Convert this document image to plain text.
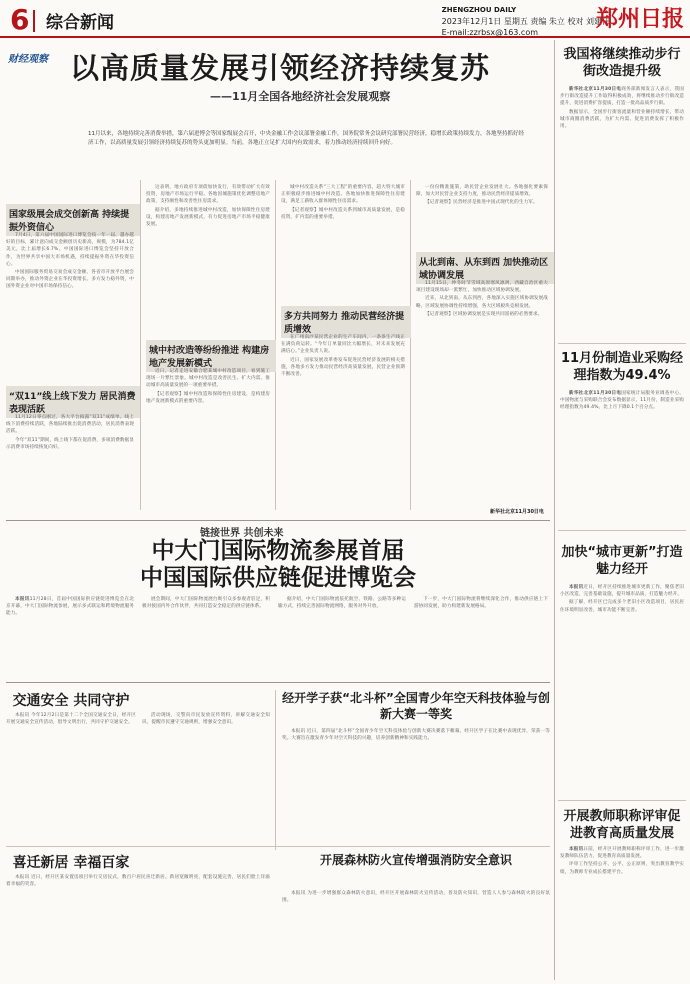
6 综合新闻
ZHENGZHOU DAILY
2023年12月1日 星期五 责编 朱立 校对 刘建伟
E-mail:zzrbsx@163.com
郑州日报
财经观察 以高质量发展引领经济持续复苏
——11月全国各地经济社会发展观察
11月以来，各地持续完善消费举措，第六届进博会等国家级展会召开，中央金融工作会议部署金融工作，国务院常务会议研究部署民营经济，稳增长政策持续发力，各地坚持抓好经济工作，以高质量发展引领经济持续复苏的势头更加明显。当前，各地正立足扩大国内有效需求，着力推动经济持续回升向好。
国家级展会成交创新高 持续提振外资信心

7月4日，第六届中国国际进口博览会按一年一届、越办越好的目标，累计意向成交金额创历史新高，规模，为784.1亿美元，比上届增长6.7%。中国国际进口博览会坚持开放合作，为世界共享中国大市场机遇，持续提振外资在华投资信心。

中国国际服务贸易交易会成交金额、各省市开放平台展会同期举办，推动外资企业在华投资增长。多方发力稳外资，中国外资企业对中国市场保持信心。

“双11”线上线下发力 居民消费表现活跃

11月12日零点刚过，各大平台披露“双11”成绩单。线上线下消费持续活跃，各地陆续推出促消费活动，居民消费表现活跃。

今年“双11”期间，线上线下都在促消费，多项消费数据显示消费市场持续恢复向好。

这表明，地方政府专项债加快发行，有效带动扩大有效投资，房地产市场运行平稳。各地因城施策优化调整房地产政策，支持刚性和改善性住房需求。

据介绍，多地持续推进城中村改造，加快保障性住房建设，构建房地产发展新模式，有力促进房地产市场平稳健康发展。

城中村改造等纷纷推进 构建房地产发展新模式

近日，记者走进安徽合肥某城中村改造项目，看到施工现场一片繁忙景象。城中村改造是改善民生、扩大内需、推动城市高质量发展的一项重要举措。

【记者观察】城中村改造和保障性住房建设，是构建房地产发展新模式的重要内容。

城中村改造关系“三大工程”的重要内容，超大特大城市正积极稳步推进城中村改造。各地加快推进保障性住房建设，满足工薪收入群体刚性住房需求。

【记者观察】城中村改造关系到城市高质量发展，是稳投资、扩内需的重要举措。

多方共同努力 推动民营经济提质增效

在广州南沙某民营企业的生产车间内，一条条生产线正在满负荷运转。“今年订单量同比大幅增长，对未来发展充满信心。”企业负责人说。

近日，国家发展改革委发布促进民营经济发展的相关措施，各地多方发力推动民营经济高质量发展。民营企业预期不断改善。

一份份精准施策，助民营企业发展壮大。各地强化要素保障，加大对民营企业支持力度，推动民营经济提质增效。

【记者观察】民营经济是推进中国式现代化的生力军。

从北到南、从东到西 加快推动区域协调发展

11月15日，仲冬时节雪域高原寒风凛冽，西藏自治区重大项目建设现场却一派繁忙，加快推动区域协调发展。

近来，从北到南、从东到西，各地深入实施区域协调发展战略，区域发展协调性持续增强，各大区域板块竞相发展。

【记者观察】区域协调发展是实现共同富裕的必然要求。

新华社北京11月30日电
我国将继续推动步行街改造提升级

新华社北京11月30日电商务部新闻发言人表示，我国步行街改造提升工作取得积极成效，将继续推动步行街改造提升，促进消费扩容提质，打造一批高品质步行街。

数据显示，全国步行街客流量和营业额持续增长，带动城市商圈消费活跃，为扩大内需、促进消费发挥了积极作用。

11月份制造业采购经理指数为49.4%

新华社北京11月30日电国家统计局服务业调查中心、中国物流与采购联合会发布数据显示，11月份，制造业采购经理指数为49.4%，比上月下降0.1个百分点。

加快“城市更新”打造魅力经开

本报讯近日，经开区持续推进城市更新工作，聚焦老旧小区改造，完善基础设施，提升城市品质，打造魅力经开。

据了解，经开区已完成多个老旧小区改造项目，居民居住环境明显改善，城市功能不断完善。

开展教师职称评审促进教育高质量发展

本报讯日前，经开区开展教师职称评审工作，进一步激发教师队伍活力，促进教育高质量发展。

评审工作坚持公开、公平、公正原则，突出教育教学实绩，为教师专业成长搭建平台。

链接世界 共创未来
中大门国际物流参展首届
中国国际供应链促进博览会

本报讯11月28日，首届中国国际供应链促进博览会在北京开幕，中大门国际物流参展，展示多式联运和跨境物流服务能力。

展会期间，中大门国际物流展台吸引众多参观者驻足，积极对接国内外合作伙伴，共同打造安全稳定的供应链体系。

据介绍，中大门国际物流依托航空、铁路、公路等多种运输方式，持续完善国际物流网络，服务对外开放。

下一步，中大门国际物流将继续深化合作，推动供应链上下游协同发展，助力构建新发展格局。

交通安全 共同守护

本报讯 今年12月2日是第十二个全国交通安全日，经开区开展交通安全宣传活动，倡导文明出行，共同守护交通安全。

活动现场，交警向市民发放宣传资料，讲解交通安全知识，提醒市民遵守交通规则，增强安全意识。

经开学子获“北斗杯”全国青少年空天科技体验与创新大赛一等奖

本报讯 近日，第四届“北斗杯”全国青少年空天科技体验与创新大赛决赛落下帷幕，经开区学子在比赛中表现优异，荣获一等奖。大赛旨在激发青少年对空天科技的兴趣，培养创新精神和实践能力。

喜迁新居 幸福百家

本报讯 近日，经开区某安置房项目举行交房仪式，数百户居民喜迁新居。新居宽敞明亮，配套设施完善，居民们脸上洋溢着幸福的笑容。

开展森林防火宣传增强消防安全意识

本报讯 为进一步增强群众森林防火意识，经开区开展森林防火宣传活动，普及防火知识，营造人人参与森林防火的良好氛围。
